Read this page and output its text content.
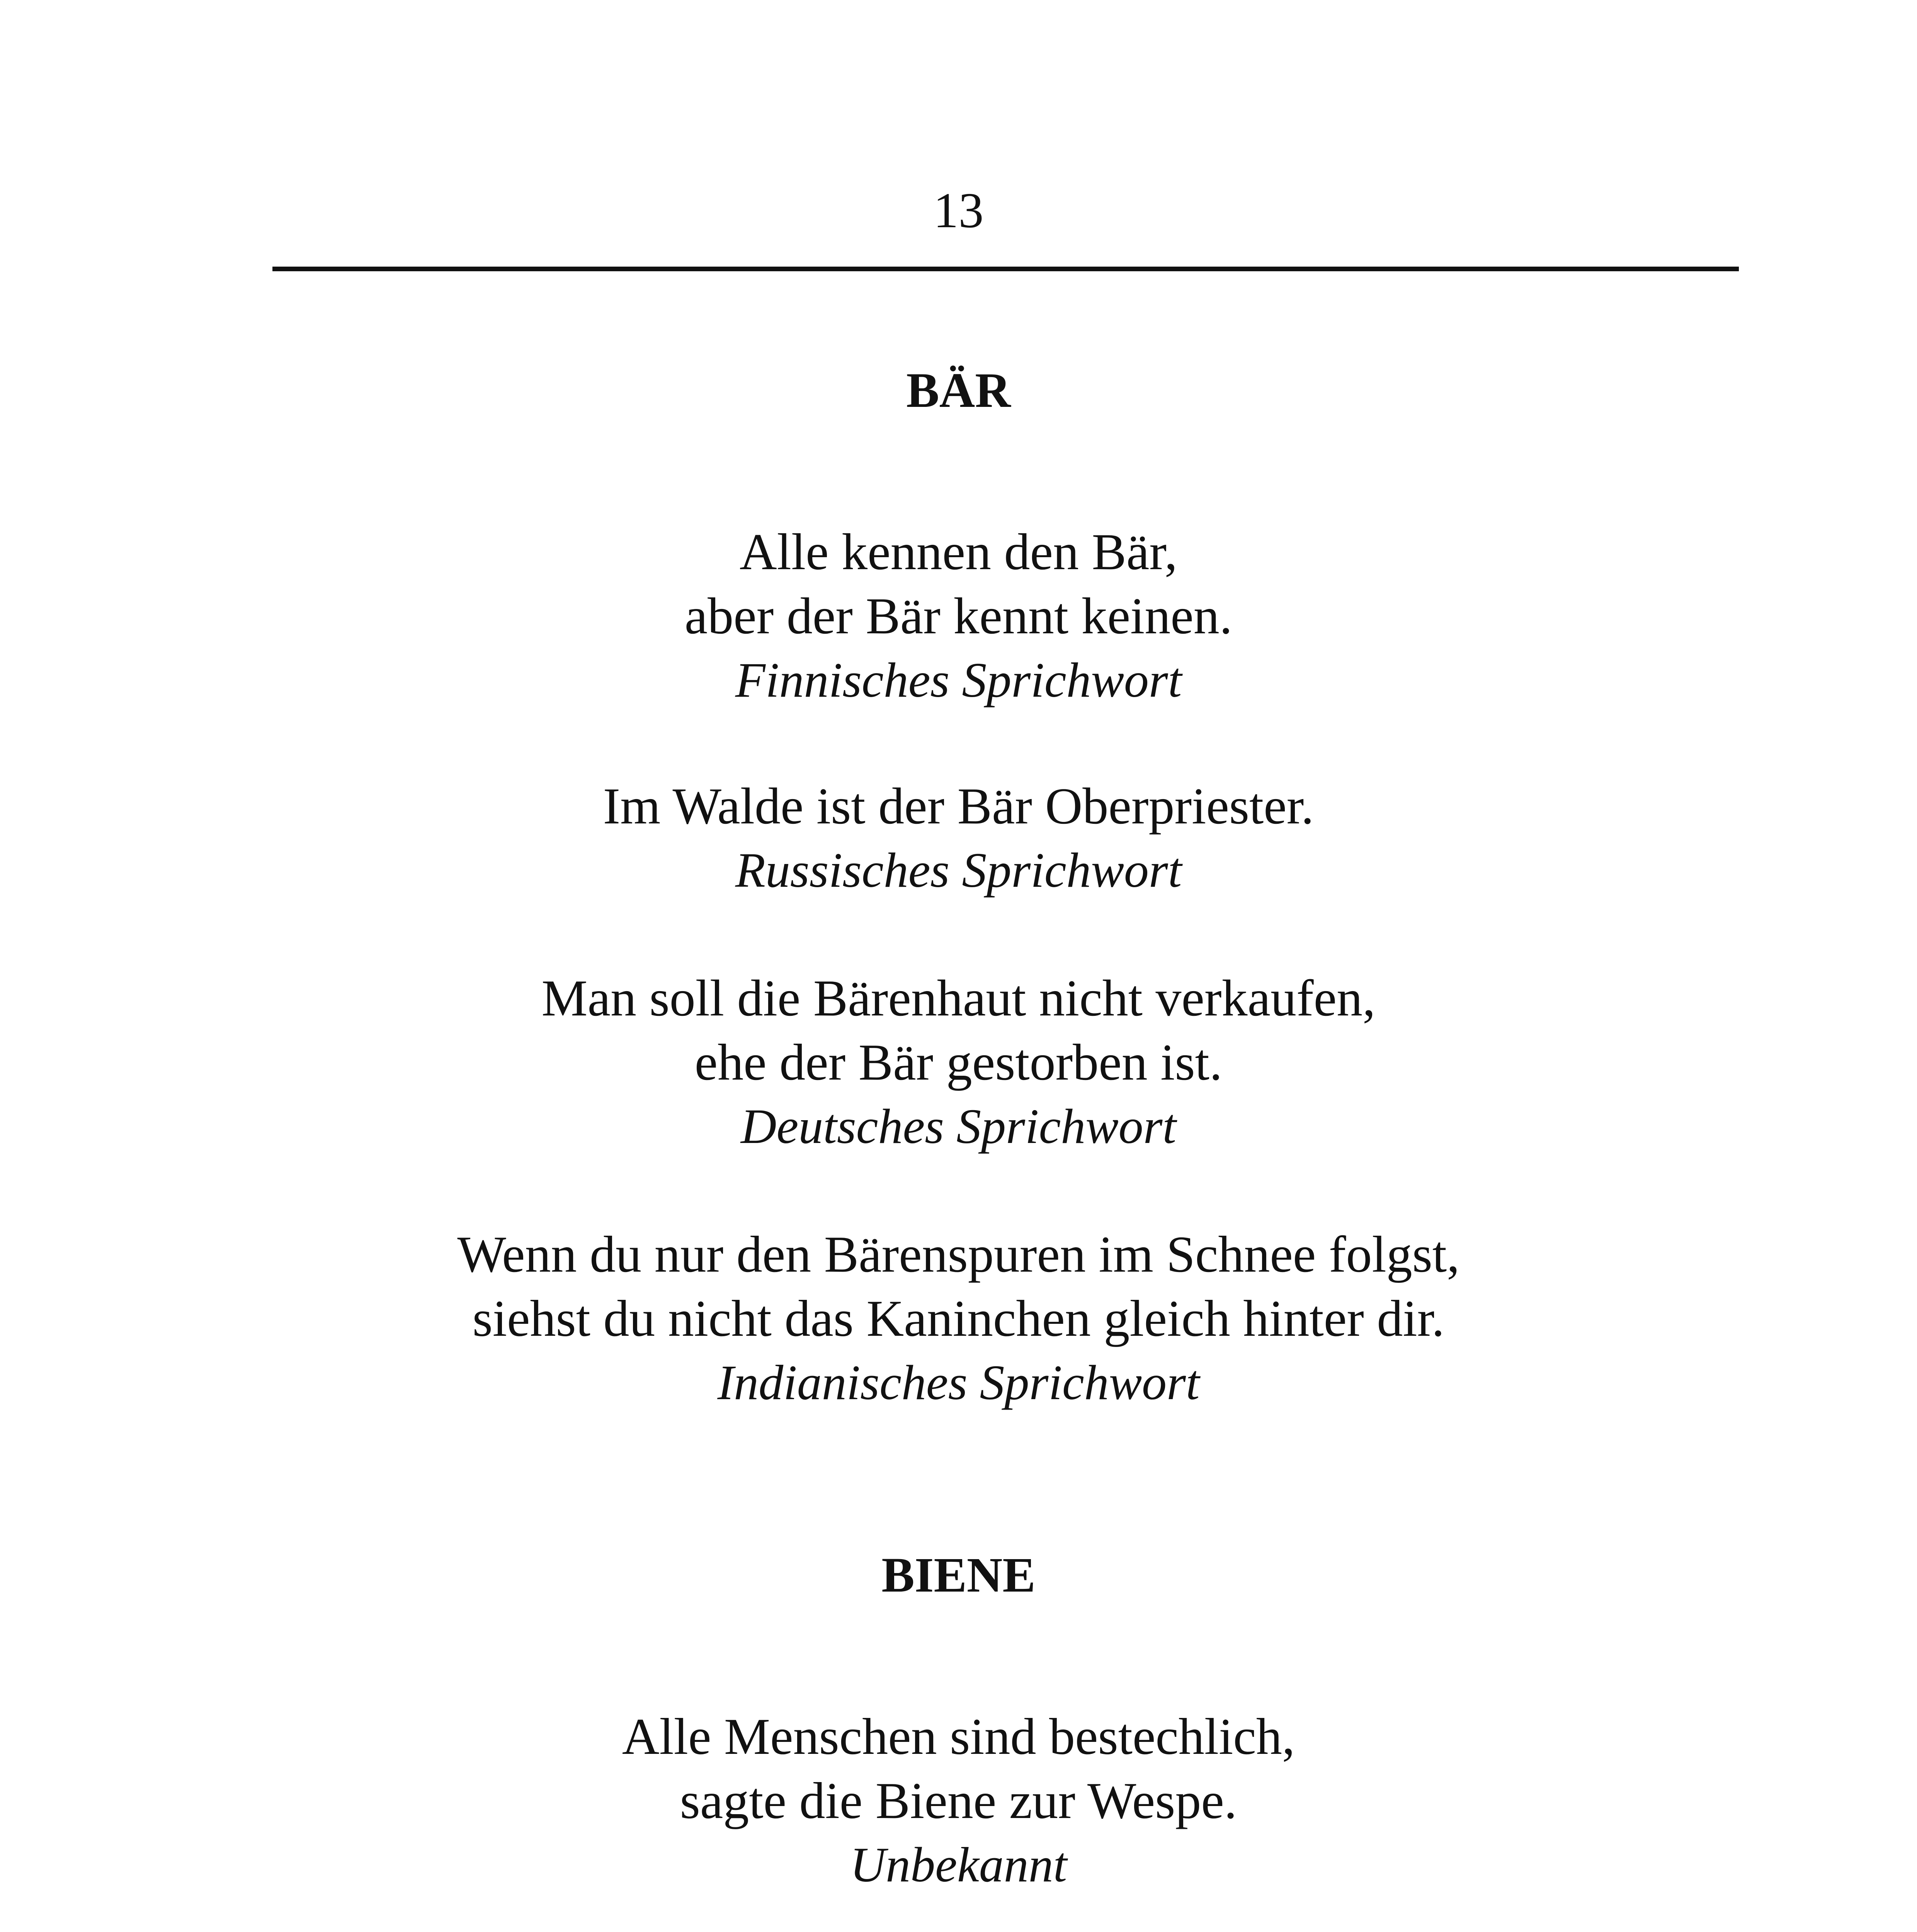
13
BÄR
Alle kennen den Bär,
aber der Bär kennt keinen.
Finnisches Sprichwort
Im Walde ist der Bär Oberpriester.
Russisches Sprichwort
Man soll die Bärenhaut nicht verkaufen,
ehe der Bär gestorben ist.
Deutsches Sprichwort
Wenn du nur den Bärenspuren im Schnee folgst,
siehst du nicht das Kaninchen gleich hinter dir.
Indianisches Sprichwort
BIENE
Alle Menschen sind bestechlich,
sagte die Biene zur Wespe.
Unbekannt
